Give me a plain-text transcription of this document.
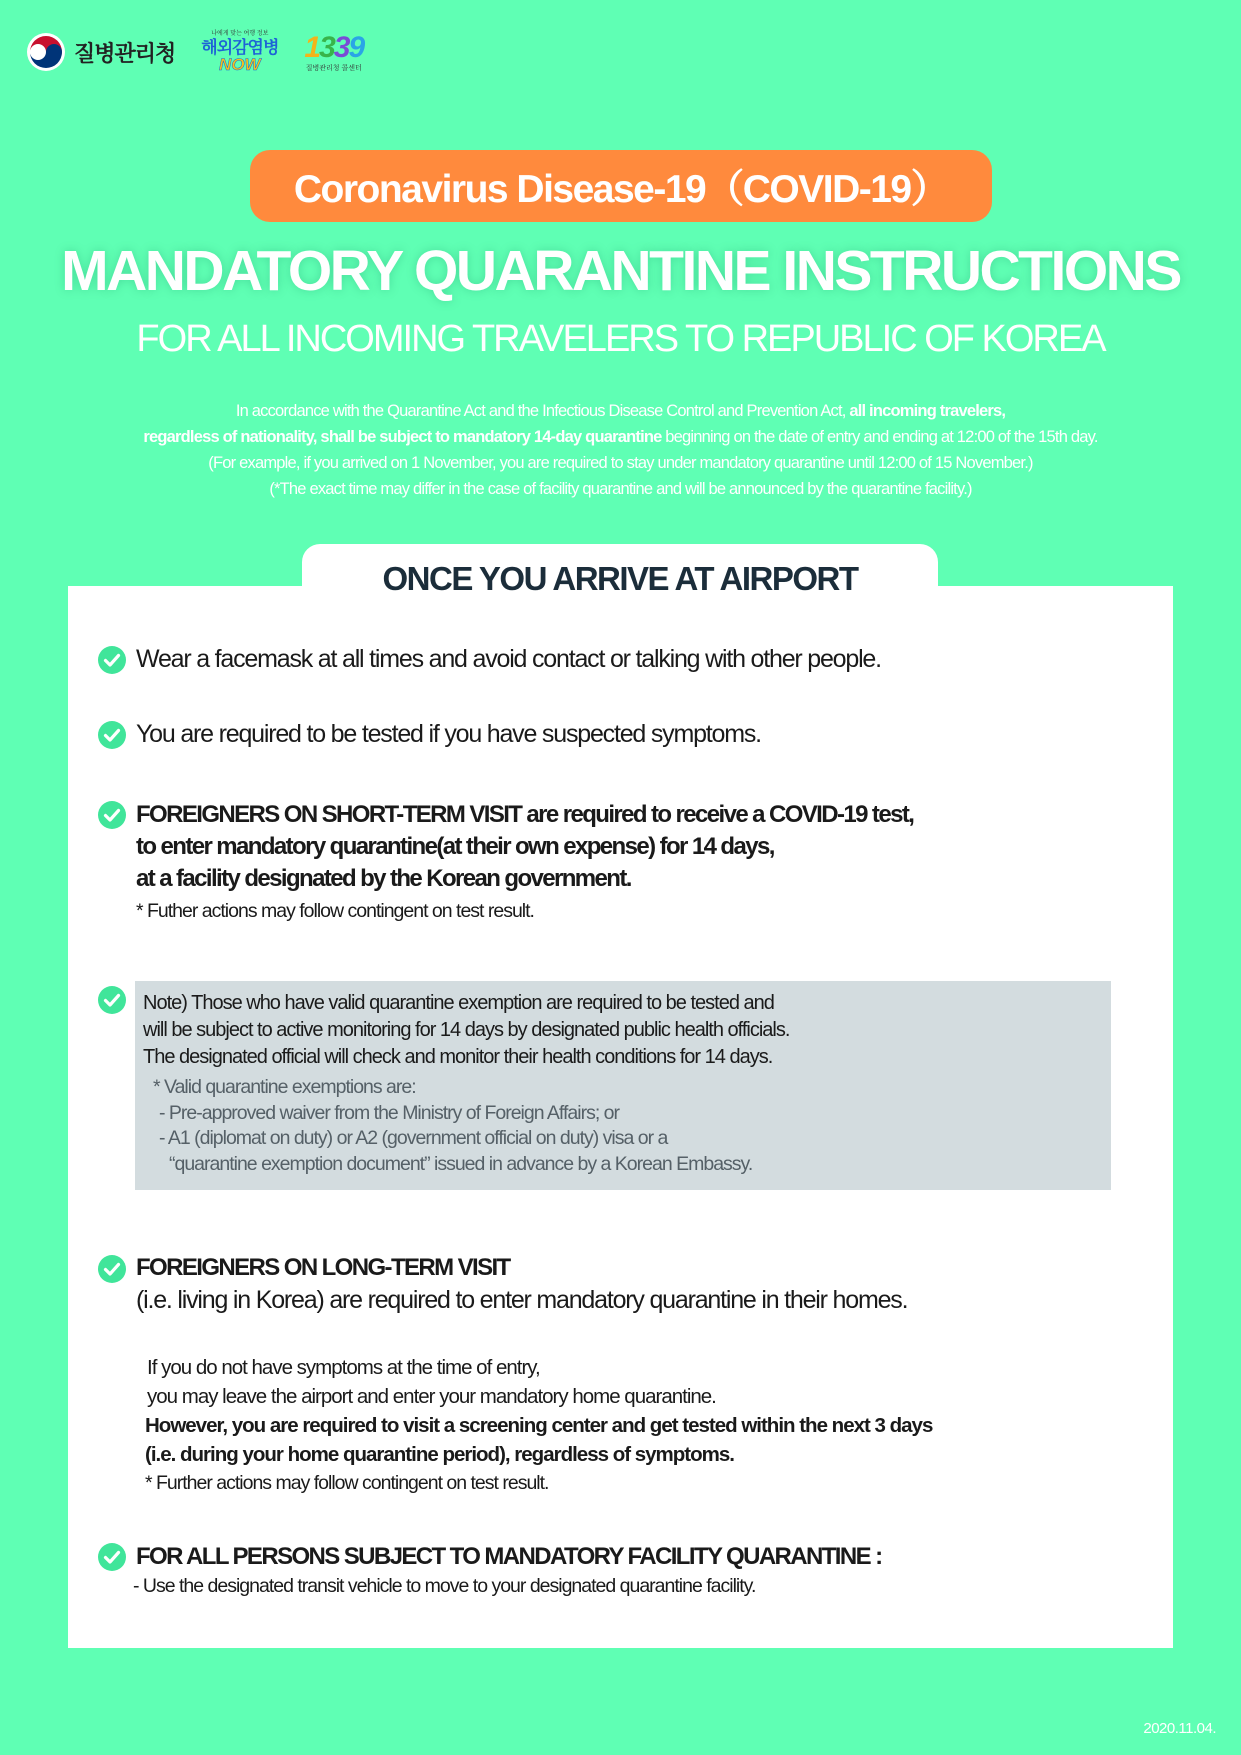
질병관리청
나에게 맞는 여행 정보
해외감염병
NOW
1339
질병관리청 콜센터
Coronavirus Disease-19（COVID-19）
MANDATORY QUARANTINE INSTRUCTIONS
FOR ALL INCOMING TRAVELERS TO REPUBLIC OF KOREA
In accordance with the Quarantine Act and the Infectious Disease Control and Prevention Act, all incoming travelers,
regardless of nationality, shall be subject to mandatory 14-day quarantine beginning on the date of entry and ending at 12:00 of the 15th day.
(For example, if you arrived on 1 November, you are required to stay under mandatory quarantine until 12:00 of 15 November.)
(*The exact time may differ in the case of facility quarantine and will be announced by the quarantine facility.)
ONCE YOU ARRIVE AT AIRPORT
Wear a facemask at all times and avoid contact or talking with other people.
You are required to be tested if you have suspected symptoms.
FOREIGNERS ON SHORT-TERM VISIT are required to receive a COVID-19 test,
to enter mandatory quarantine(at their own expense) for 14 days,
at a facility designated by the Korean government.
* Futher actions may follow contingent on test result.
Note) Those who have valid quarantine exemption are required to be tested and
will be subject to active monitoring for 14 days by designated public health officials.
The designated official will check and monitor their health conditions for 14 days.
* Valid quarantine exemptions are:
- Pre-approved waiver from the Ministry of Foreign Affairs; or
- A1 (diplomat on duty) or A2 (government official on duty) visa or a
“quarantine exemption document” issued in advance by a Korean Embassy.
FOREIGNERS ON LONG-TERM VISIT
(i.e. living in Korea) are required to enter mandatory quarantine in their homes.
If you do not have symptoms at the time of entry,
you may leave the airport and enter your mandatory home quarantine.
However, you are required to visit a screening center and get tested within the next 3 days
(i.e. during your home quarantine period), regardless of symptoms.
* Further actions may follow contingent on test result.
FOR ALL PERSONS SUBJECT TO MANDATORY FACILITY QUARANTINE :
- Use the designated transit vehicle to move to your designated quarantine facility.
2020.11.04.
